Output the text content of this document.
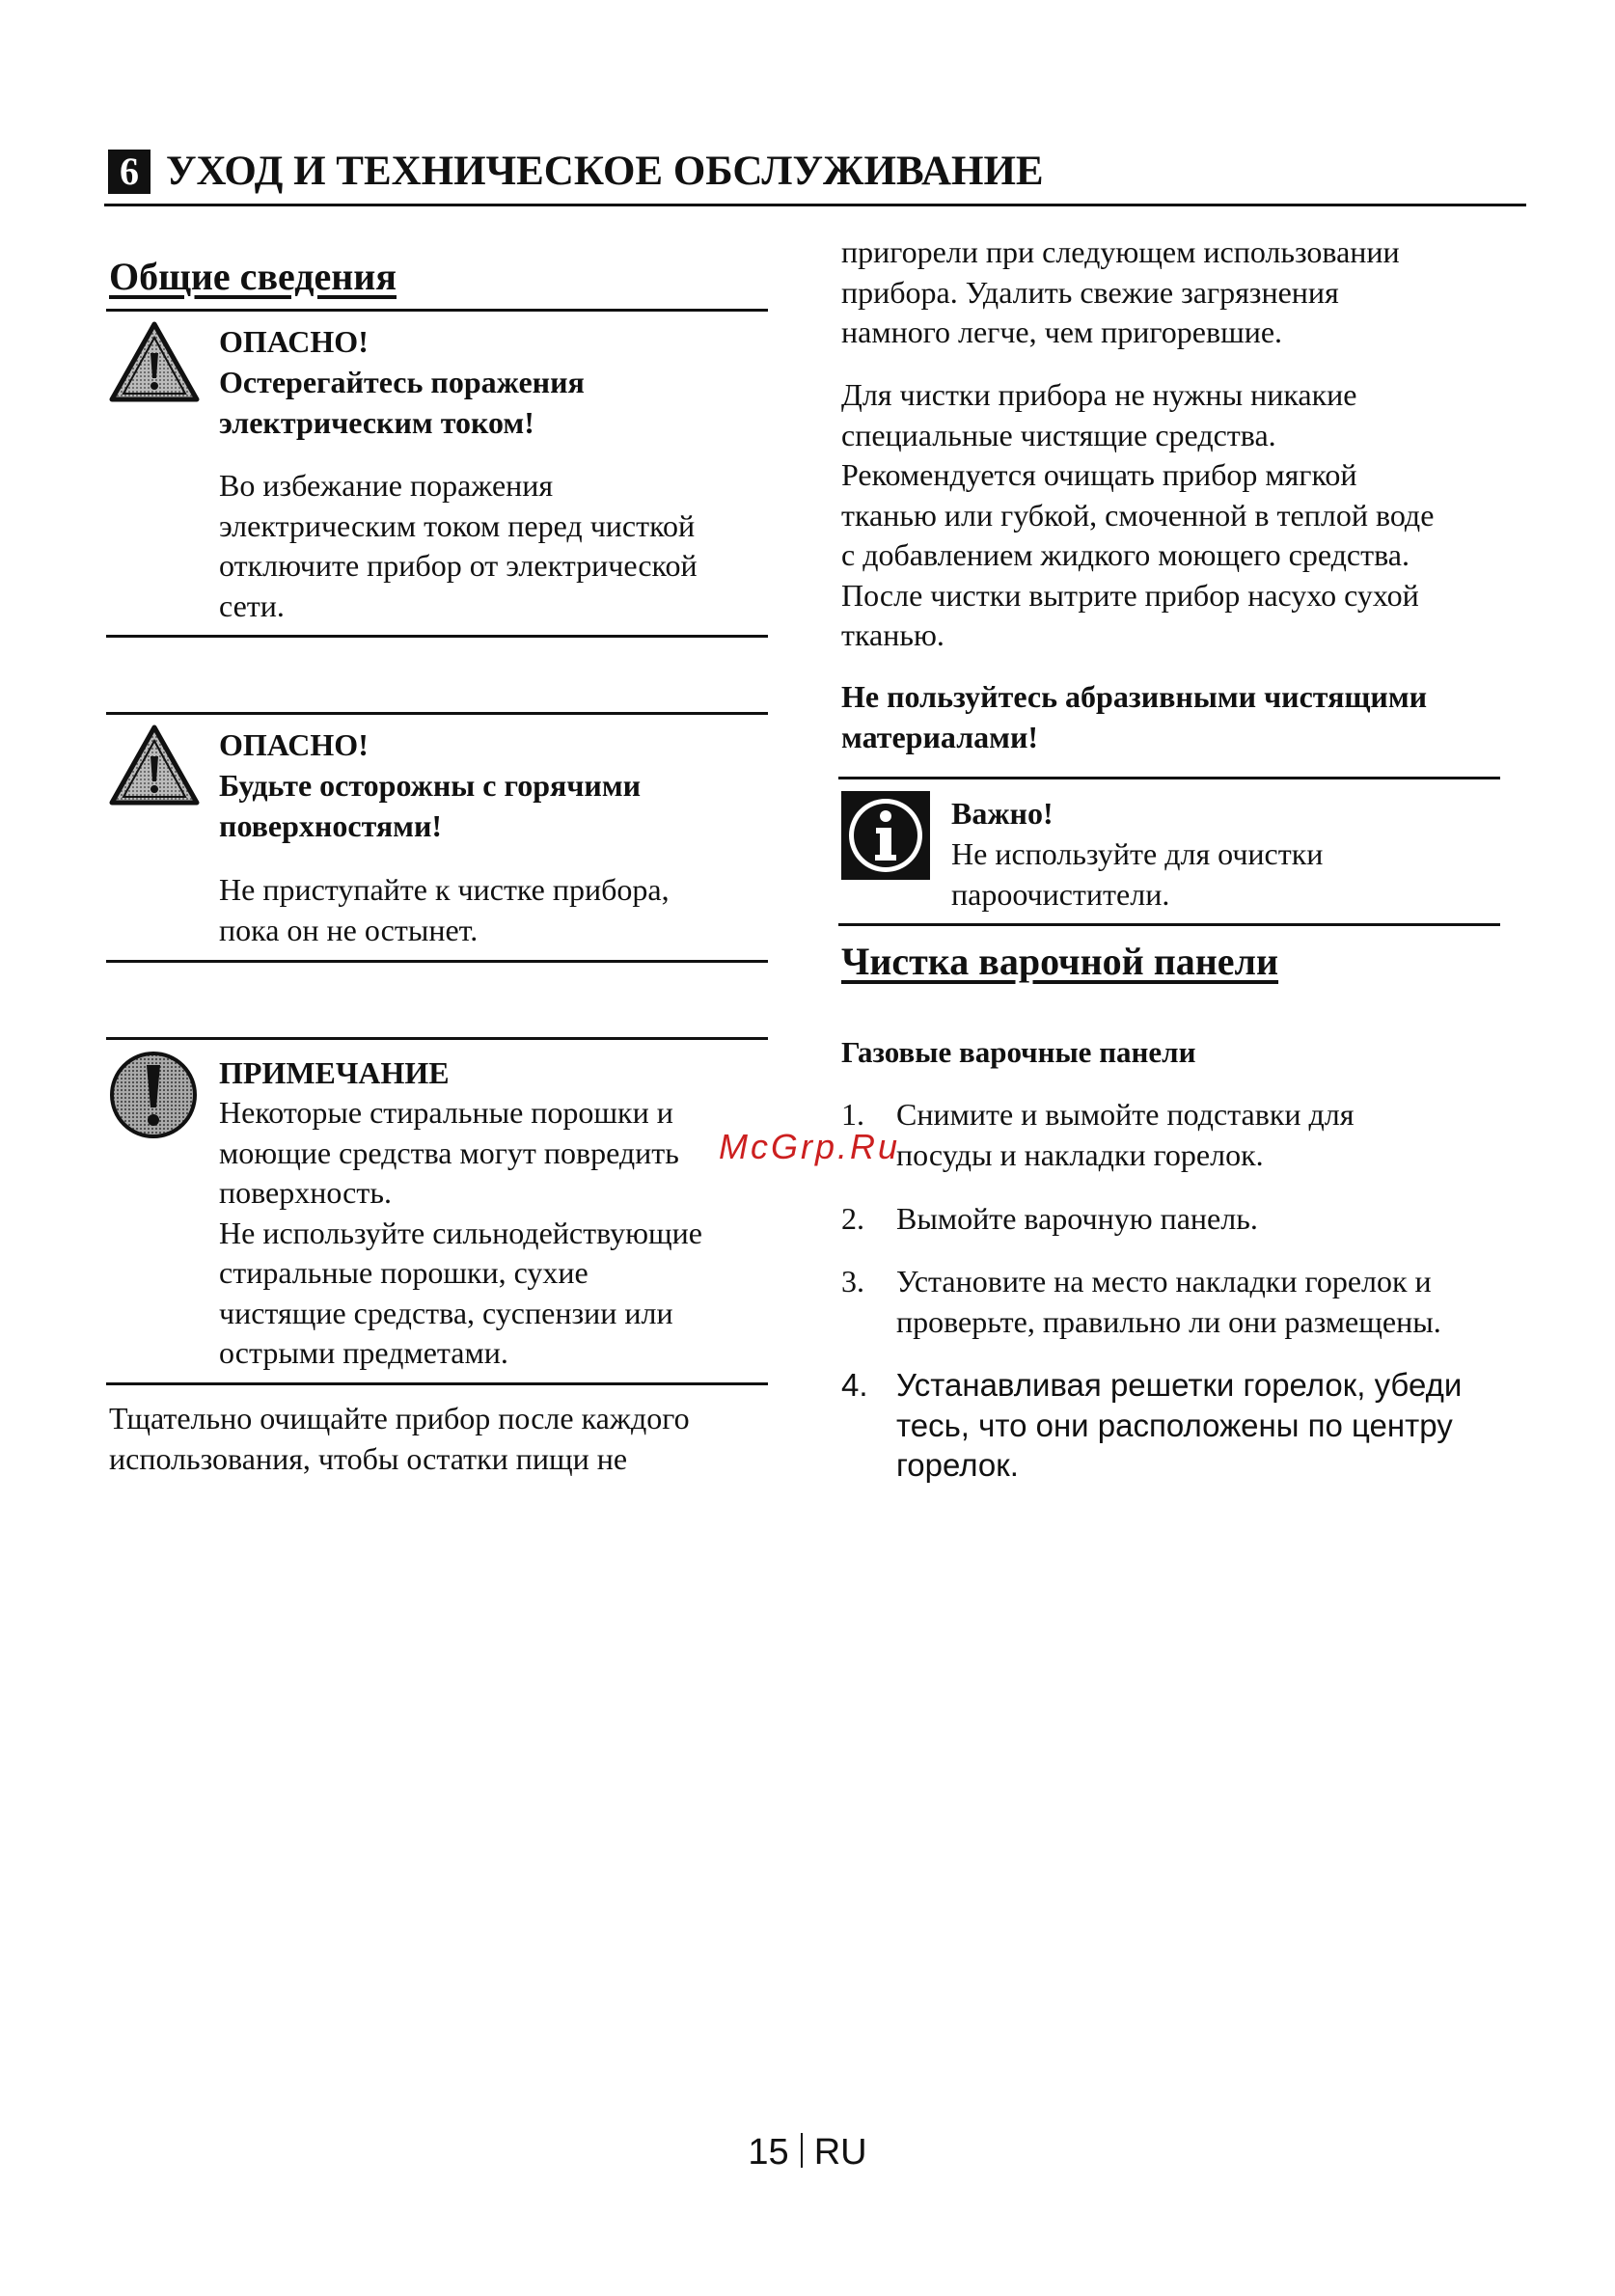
6 УХОД И ТЕХНИЧЕСКОЕ ОБСЛУЖИВАНИЕ
Общие сведения
ОПАСНО!
Остерегайтесь поражения
электрическим током!
Во избежание поражения
электрическим током перед чисткой
отключите прибор от электрической
сети.
ОПАСНО!
Будьте осторожны с горячими
поверхностями!
Не приступайте к чистке прибора,
пока он не остынет.
ПРИМЕЧАНИЕ
Некоторые стиральные порошки и
моющие средства могут повредить
поверхность.
Не используйте сильнодействующие
стиральные порошки, сухие
чистящие средства, суспензии или
острыми предметами.
Тщательно очищайте прибор после каждого
использования, чтобы остатки пищи не
пригорели при следующем использовании
прибора. Удалить свежие загрязнения
намного легче, чем пригоревшие.
Для чистки прибора не нужны никакие
специальные чистящие средства.
Рекомендуется очищать прибор мягкой
тканью или губкой, смоченной в теплой воде
с добавлением жидкого моющего средства.
После чистки вытрите прибор насухо сухой
тканью.
Не пользуйтесь абразивными чистящими
материалами!
Важно!
Не используйте для очистки
пароочистители.
Чистка варочной панели
Газовые варочные панели
1. Снимите и вымойте подставки для
посуды и накладки горелок.
2. Вымойте варочную панель.
3. Установите на место накладки горелок и
проверьте, правильно ли они размещены.
4. Устанавливая решетки горелок, убеди
тесь, что они расположены по центру
горелок.
McGrp.Ru
15 RU
